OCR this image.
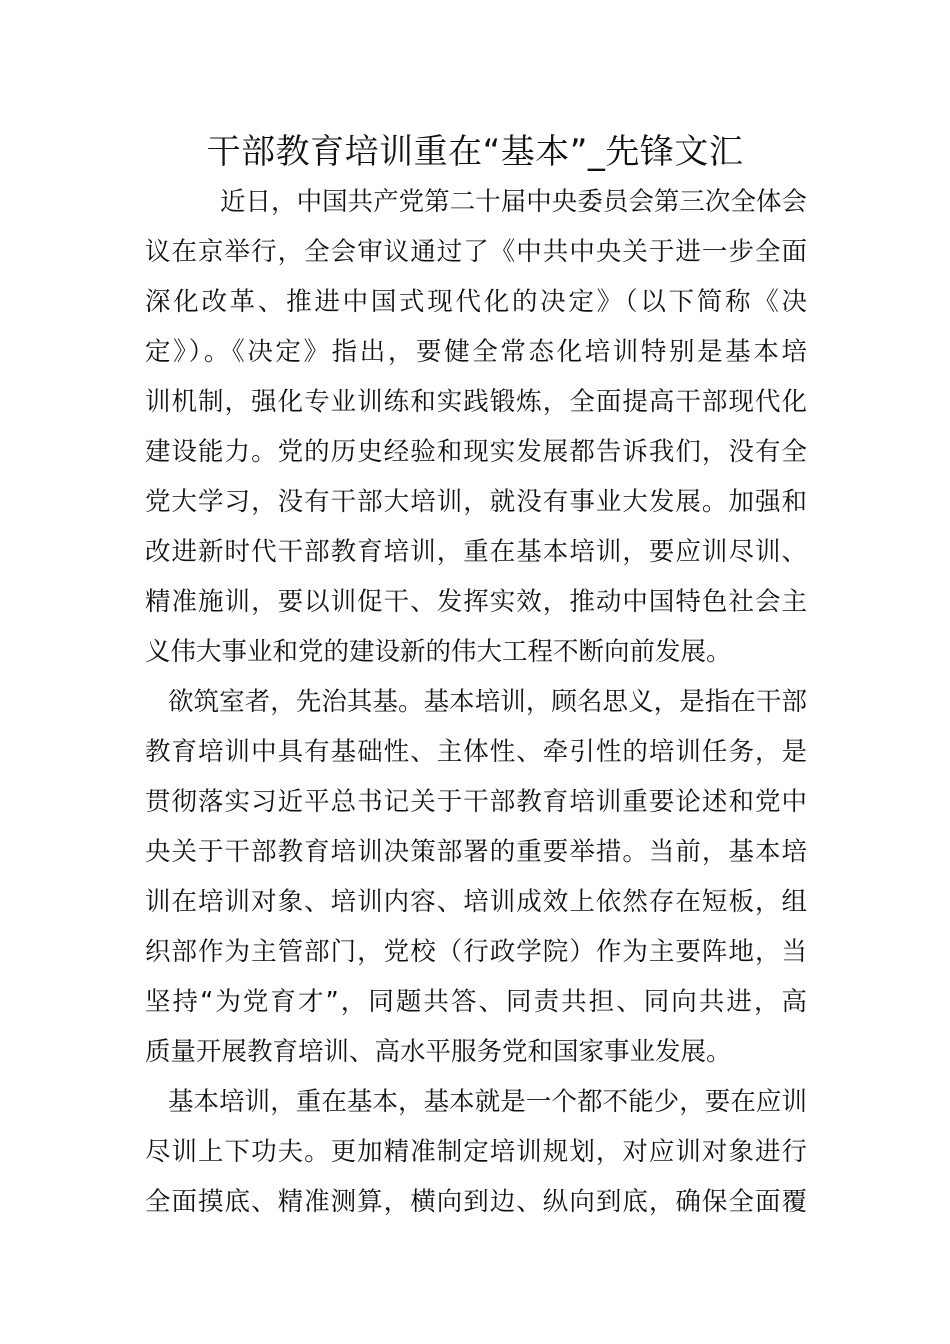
干部教育培训重在“基本”_先锋文汇
近日，中国共产党第二十届中央委员会第三次全体会
议在京举行，全会审议通过了《中共中央关于进一步全面
深化改革、推进中国式现代化的决定》（以下简称《决
定》）。《决定》指出，要健全常态化培训特别是基本培
训机制，强化专业训练和实践锻炼，全面提高干部现代化
建设能力。党的历史经验和现实发展都告诉我们，没有全
党大学习，没有干部大培训，就没有事业大发展。加强和
改进新时代干部教育培训，重在基本培训，要应训尽训、
精准施训，要以训促干、发挥实效，推动中国特色社会主
义伟大事业和党的建设新的伟大工程不断向前发展。
欲筑室者，先治其基。基本培训，顾名思义，是指在干部
教育培训中具有基础性、主体性、牵引性的培训任务，是
贯彻落实习近平总书记关于干部教育培训重要论述和党中
央关于干部教育培训决策部署的重要举措。当前，基本培
训在培训对象、培训内容、培训成效上依然存在短板，组
织部作为主管部门，党校（行政学院）作为主要阵地，当
坚持“为党育才”，同题共答、同责共担、同向共进，高
质量开展教育培训、高水平服务党和国家事业发展。
基本培训，重在基本，基本就是一个都不能少，要在应训
尽训上下功夫。更加精准制定培训规划，对应训对象进行
全面摸底、精准测算，横向到边、纵向到底，确保全面覆
